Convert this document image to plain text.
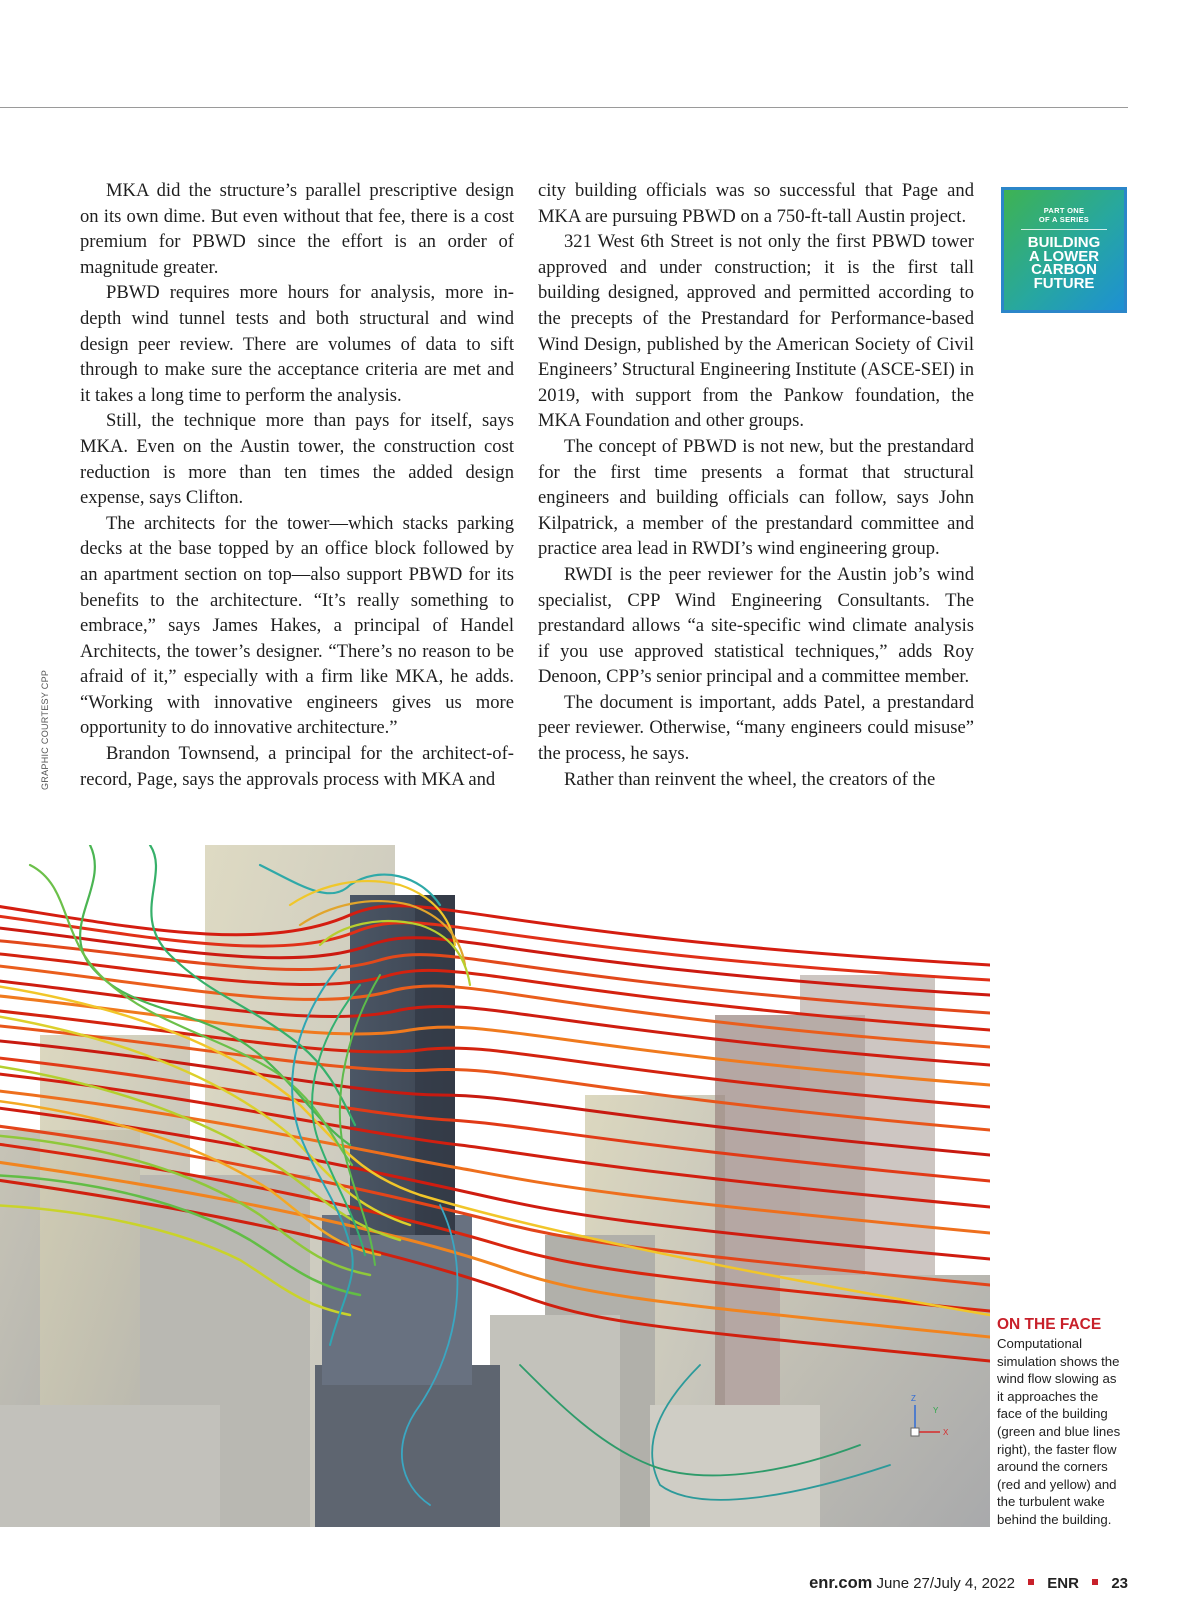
MKA did the structure’s parallel prescriptive design on its own dime. But even without that fee, there is a cost premium for PBWD since the effort is an order of magnitude greater.

PBWD requires more hours for analysis, more in-depth wind tunnel tests and both structural and wind design peer review. There are volumes of data to sift through to make sure the acceptance criteria are met and it takes a long time to perform the analysis.

Still, the technique more than pays for itself, says MKA. Even on the Austin tower, the construction cost reduction is more than ten times the added design expense, says Clifton.

The architects for the tower—which stacks parking decks at the base topped by an office block followed by an apartment section on top—also support PBWD for its benefits to the architecture. “It’s really something to embrace,” says James Hakes, a principal of Handel Architects, the tower’s designer. “There’s no reason to be afraid of it,” especially with a firm like MKA, he adds. “Working with innovative engineers gives us more opportunity to do innovative architecture.”

Brandon Townsend, a principal for the architect-of-record, Page, says the approvals process with MKA and

city building officials was so successful that Page and MKA are pursuing PBWD on a 750-ft-tall Austin project.

321 West 6th Street is not only the first PBWD tower approved and under construction; it is the first tall building designed, approved and permitted according to the precepts of the Prestandard for Performance-based Wind Design, published by the American Society of Civil Engineers’ Structural Engineering Institute (ASCE-SEI) in 2019, with support from the Pankow foundation, the MKA Foundation and other groups.

The concept of PBWD is not new, but the prestandard for the first time presents a format that structural engineers and building officials can follow, says John Kilpatrick, a member of the prestandard committee and practice area lead in RWDI’s wind engineering group.

RWDI is the peer reviewer for the Austin job’s wind specialist, CPP Wind Engineering Consultants. The prestandard allows “a site-specific wind climate analysis if you use approved statistical techniques,” adds Roy Denoon, CPP’s senior principal and a committee member.

The document is important, adds Patel, a prestandard peer reviewer. Otherwise, “many engineers could misuse” the process, he says.

Rather than reinvent the wheel, the creators of the

GRAPHIC COURTESY CPP
PART ONE
OF A SERIES
BUILDING
A LOWER
CARBON
FUTURE
Z
X
Y
ON THE FACE
Computational simulation shows the wind flow slowing as it approaches the face of the building (green and blue lines right), the faster flow around the corners (red and yellow) and the turbulent wake behind the building.
enr.com June 27/July 4, 2022 ENR 23
